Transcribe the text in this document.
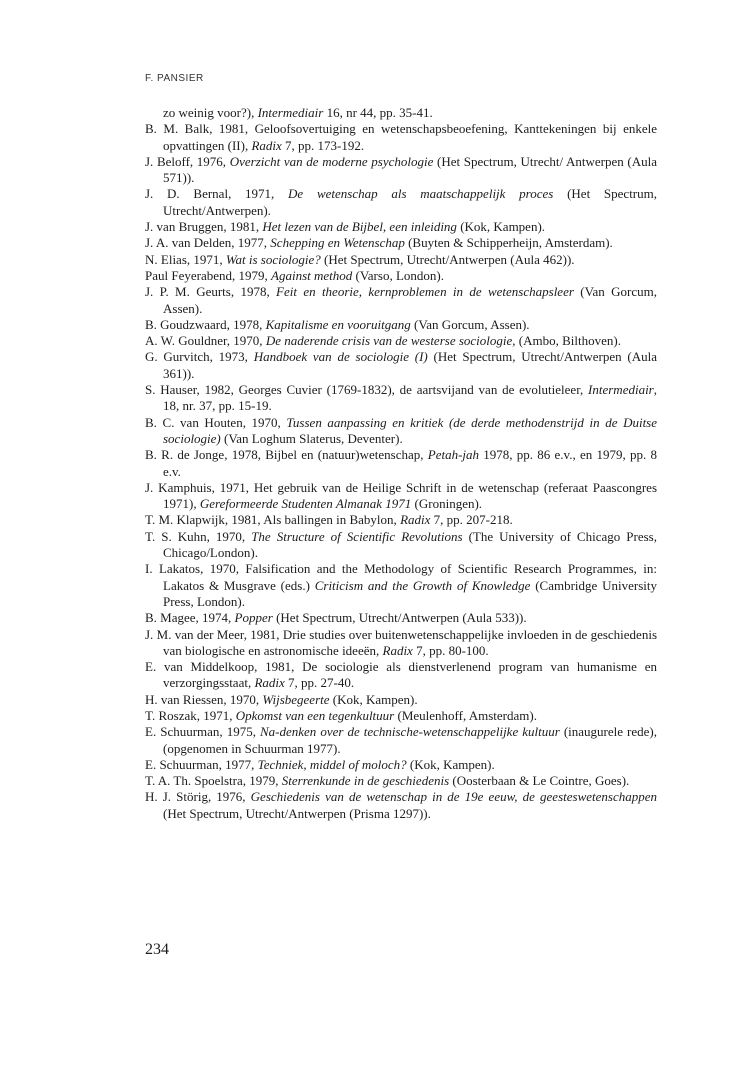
F. PANSIER

zo weinig voor?), Intermediair 16, nr 44, pp. 35-41.

B. M. Balk, 1981, Geloofsovertuiging en wetenschapsbeoefening, Kanttekeningen bij enkele opvattingen (II), Radix 7, pp. 173-192.

J. Beloff, 1976, Overzicht van de moderne psychologie (Het Spectrum, Utrecht/ Antwerpen (Aula 571)).

J. D. Bernal, 1971, De wetenschap als maatschappelijk proces (Het Spectrum, Utrecht/Antwerpen).

J. van Bruggen, 1981, Het lezen van de Bijbel, een inleiding (Kok, Kampen).

J. A. van Delden, 1977, Schepping en Wetenschap (Buyten & Schipperheijn, Amsterdam).

N. Elias, 1971, Wat is sociologie? (Het Spectrum, Utrecht/Antwerpen (Aula 462)).

Paul Feyerabend, 1979, Against method (Varso, London).

J. P. M. Geurts, 1978, Feit en theorie, kernproblemen in de wetenschapsleer (Van Gorcum, Assen).

B. Goudzwaard, 1978, Kapitalisme en vooruitgang (Van Gorcum, Assen).

A. W. Gouldner, 1970, De naderende crisis van de westerse sociologie, (Ambo, Bilthoven).

G. Gurvitch, 1973, Handboek van de sociologie (I) (Het Spectrum, Utrecht/Antwerpen (Aula 361)).

S. Hauser, 1982, Georges Cuvier (1769-1832), de aartsvijand van de evolutieleer, Intermediair, 18, nr. 37, pp. 15-19.

B. C. van Houten, 1970, Tussen aanpassing en kritiek (de derde methodenstrijd in de Duitse sociologie) (Van Loghum Slaterus, Deventer).

B. R. de Jonge, 1978, Bijbel en (natuur)wetenschap, Petah-jah 1978, pp. 86 e.v., en 1979, pp. 8 e.v.

J. Kamphuis, 1971, Het gebruik van de Heilige Schrift in de wetenschap (referaat Paascongres 1971), Gereformeerde Studenten Almanak 1971 (Groningen).

T. M. Klapwijk, 1981, Als ballingen in Babylon, Radix 7, pp. 207-218.

T. S. Kuhn, 1970, The Structure of Scientific Revolutions (The University of Chicago Press, Chicago/London).

I. Lakatos, 1970, Falsification and the Methodology of Scientific Research Programmes, in: Lakatos & Musgrave (eds.) Criticism and the Growth of Knowledge (Cambridge University Press, London).

B. Magee, 1974, Popper (Het Spectrum, Utrecht/Antwerpen (Aula 533)).

J. M. van der Meer, 1981, Drie studies over buitenwetenschappelijke invloeden in de geschiedenis van biologische en astronomische ideeën, Radix 7, pp. 80-100.

E. van Middelkoop, 1981, De sociologie als dienstverlenend program van humanisme en verzorgingsstaat, Radix 7, pp. 27-40.

H. van Riessen, 1970, Wijsbegeerte (Kok, Kampen).

T. Roszak, 1971, Opkomst van een tegenkultuur (Meulenhoff, Amsterdam).

E. Schuurman, 1975, Na-denken over de technische-wetenschappelijke kultuur (inaugurele rede), (opgenomen in Schuurman 1977).

E. Schuurman, 1977, Techniek, middel of moloch? (Kok, Kampen).

T. A. Th. Spoelstra, 1979, Sterrenkunde in de geschiedenis (Oosterbaan & Le Cointre, Goes).

H. J. Störig, 1976, Geschiedenis van de wetenschap in de 19e eeuw, de geesteswetenschappen (Het Spectrum, Utrecht/Antwerpen (Prisma 1297)).

234
